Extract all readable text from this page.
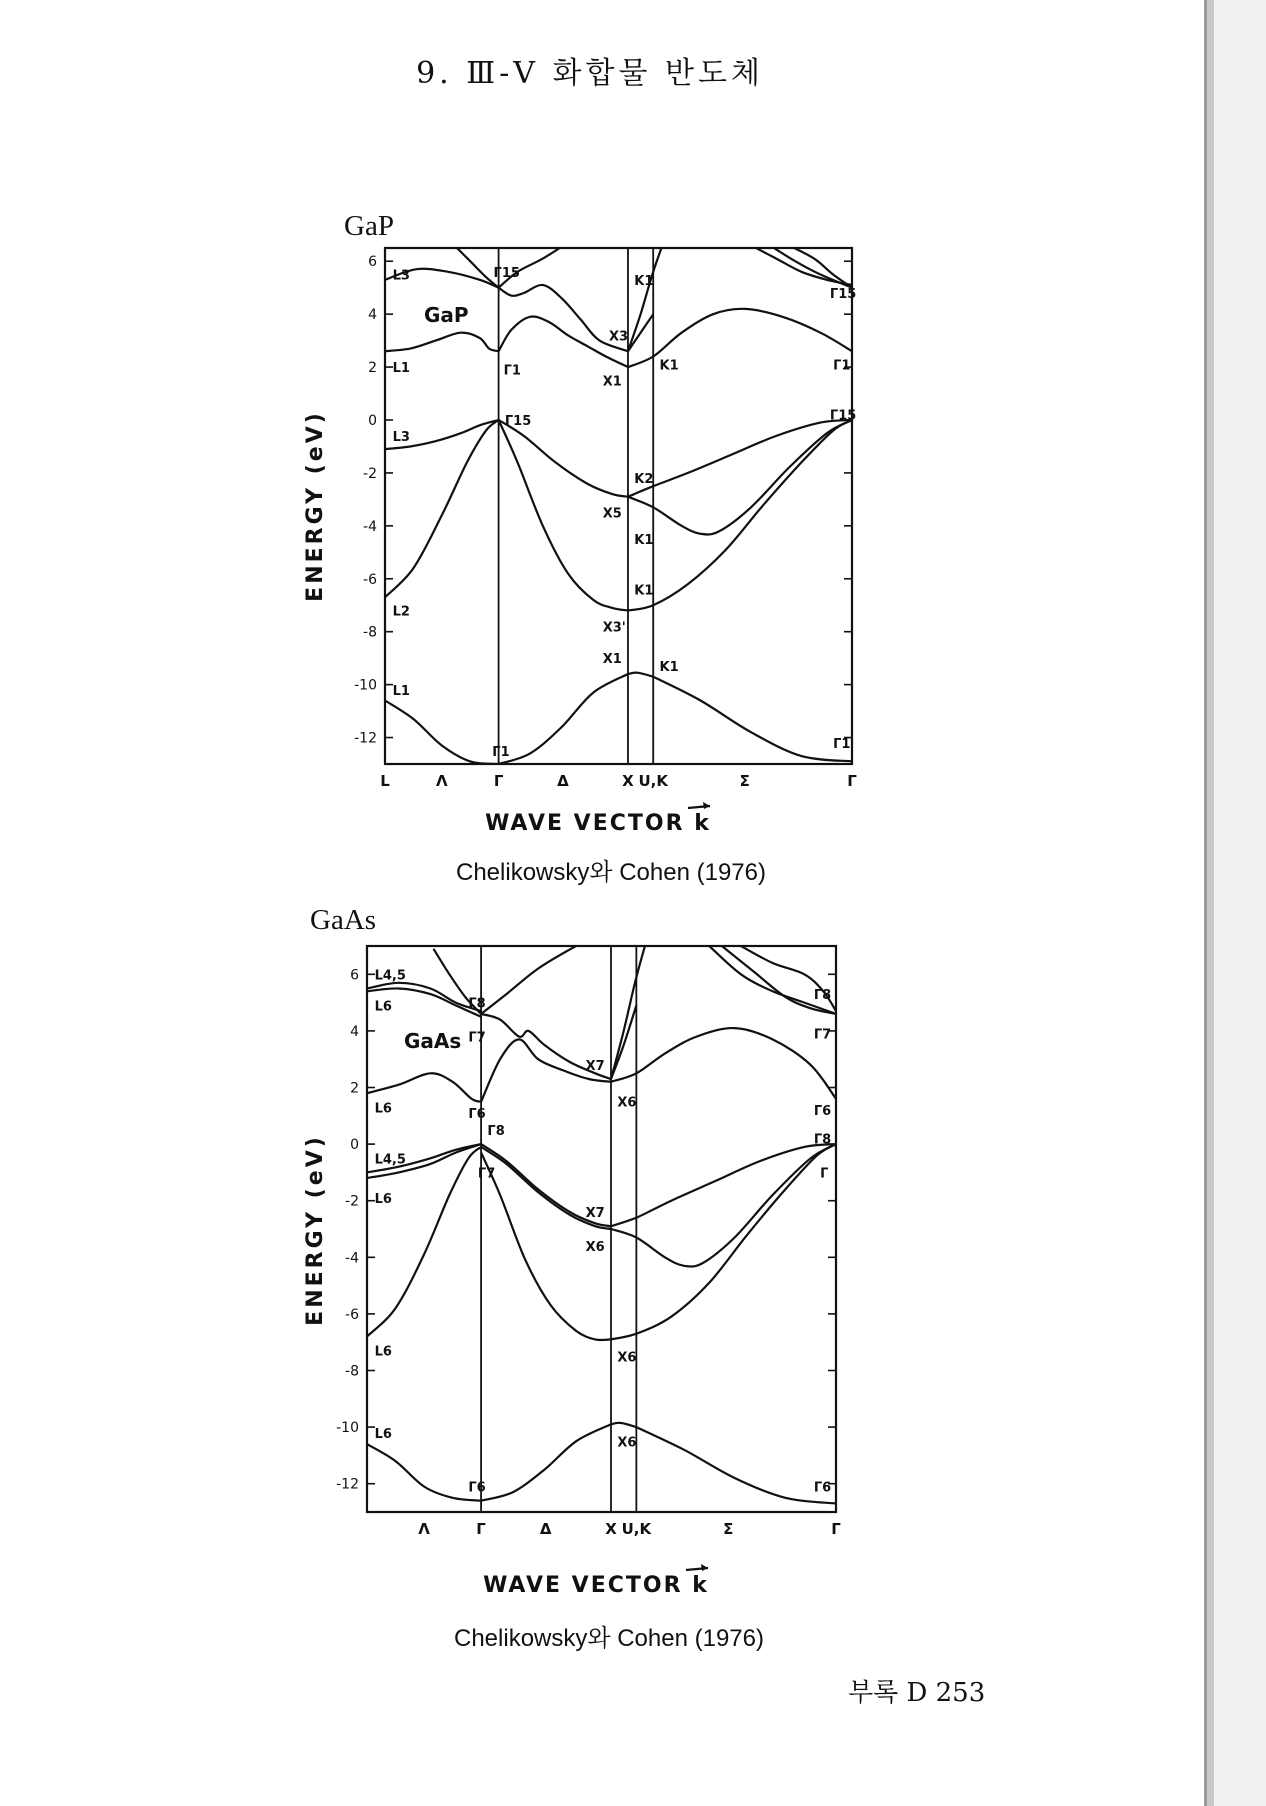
9. Ⅲ-Ⅴ 화합물 반도체
GaP
Chelikowsky와 Cohen (1976)
GaAs
Chelikowsky와 Cohen (1976)
부록 D 253
6
4
2
0
-2
-4
-6
-8
-10
-12
L	Λ	Γ	Δ	X U,K	Σ	Γ
L3
L1
L3
L2
L1
Γ15
Γ1
Γ15
Γ1
X3
X1
X5
X3'
X1
K1
K1
K2
K1
K1
K1
Γ15
Γ1
Γ15
Γ1
GaP
ENERGY (eV)
WAVE VECTOR k
6
4
2
0
-2
-4
-6
-8
-10
-12
Λ	Γ	Δ	X U,K	Σ	Γ
L4,5
L6
L6
L4,5
L6
L6
L6
Γ8
Γ7
Γ6
Γ8
Γ7
Γ6
X7
X6
X7
X6
X6
X6
Γ8
Γ7
Γ6
Γ8
Γ
Γ6
GaAs
ENERGY (eV)
WAVE VECTOR k
